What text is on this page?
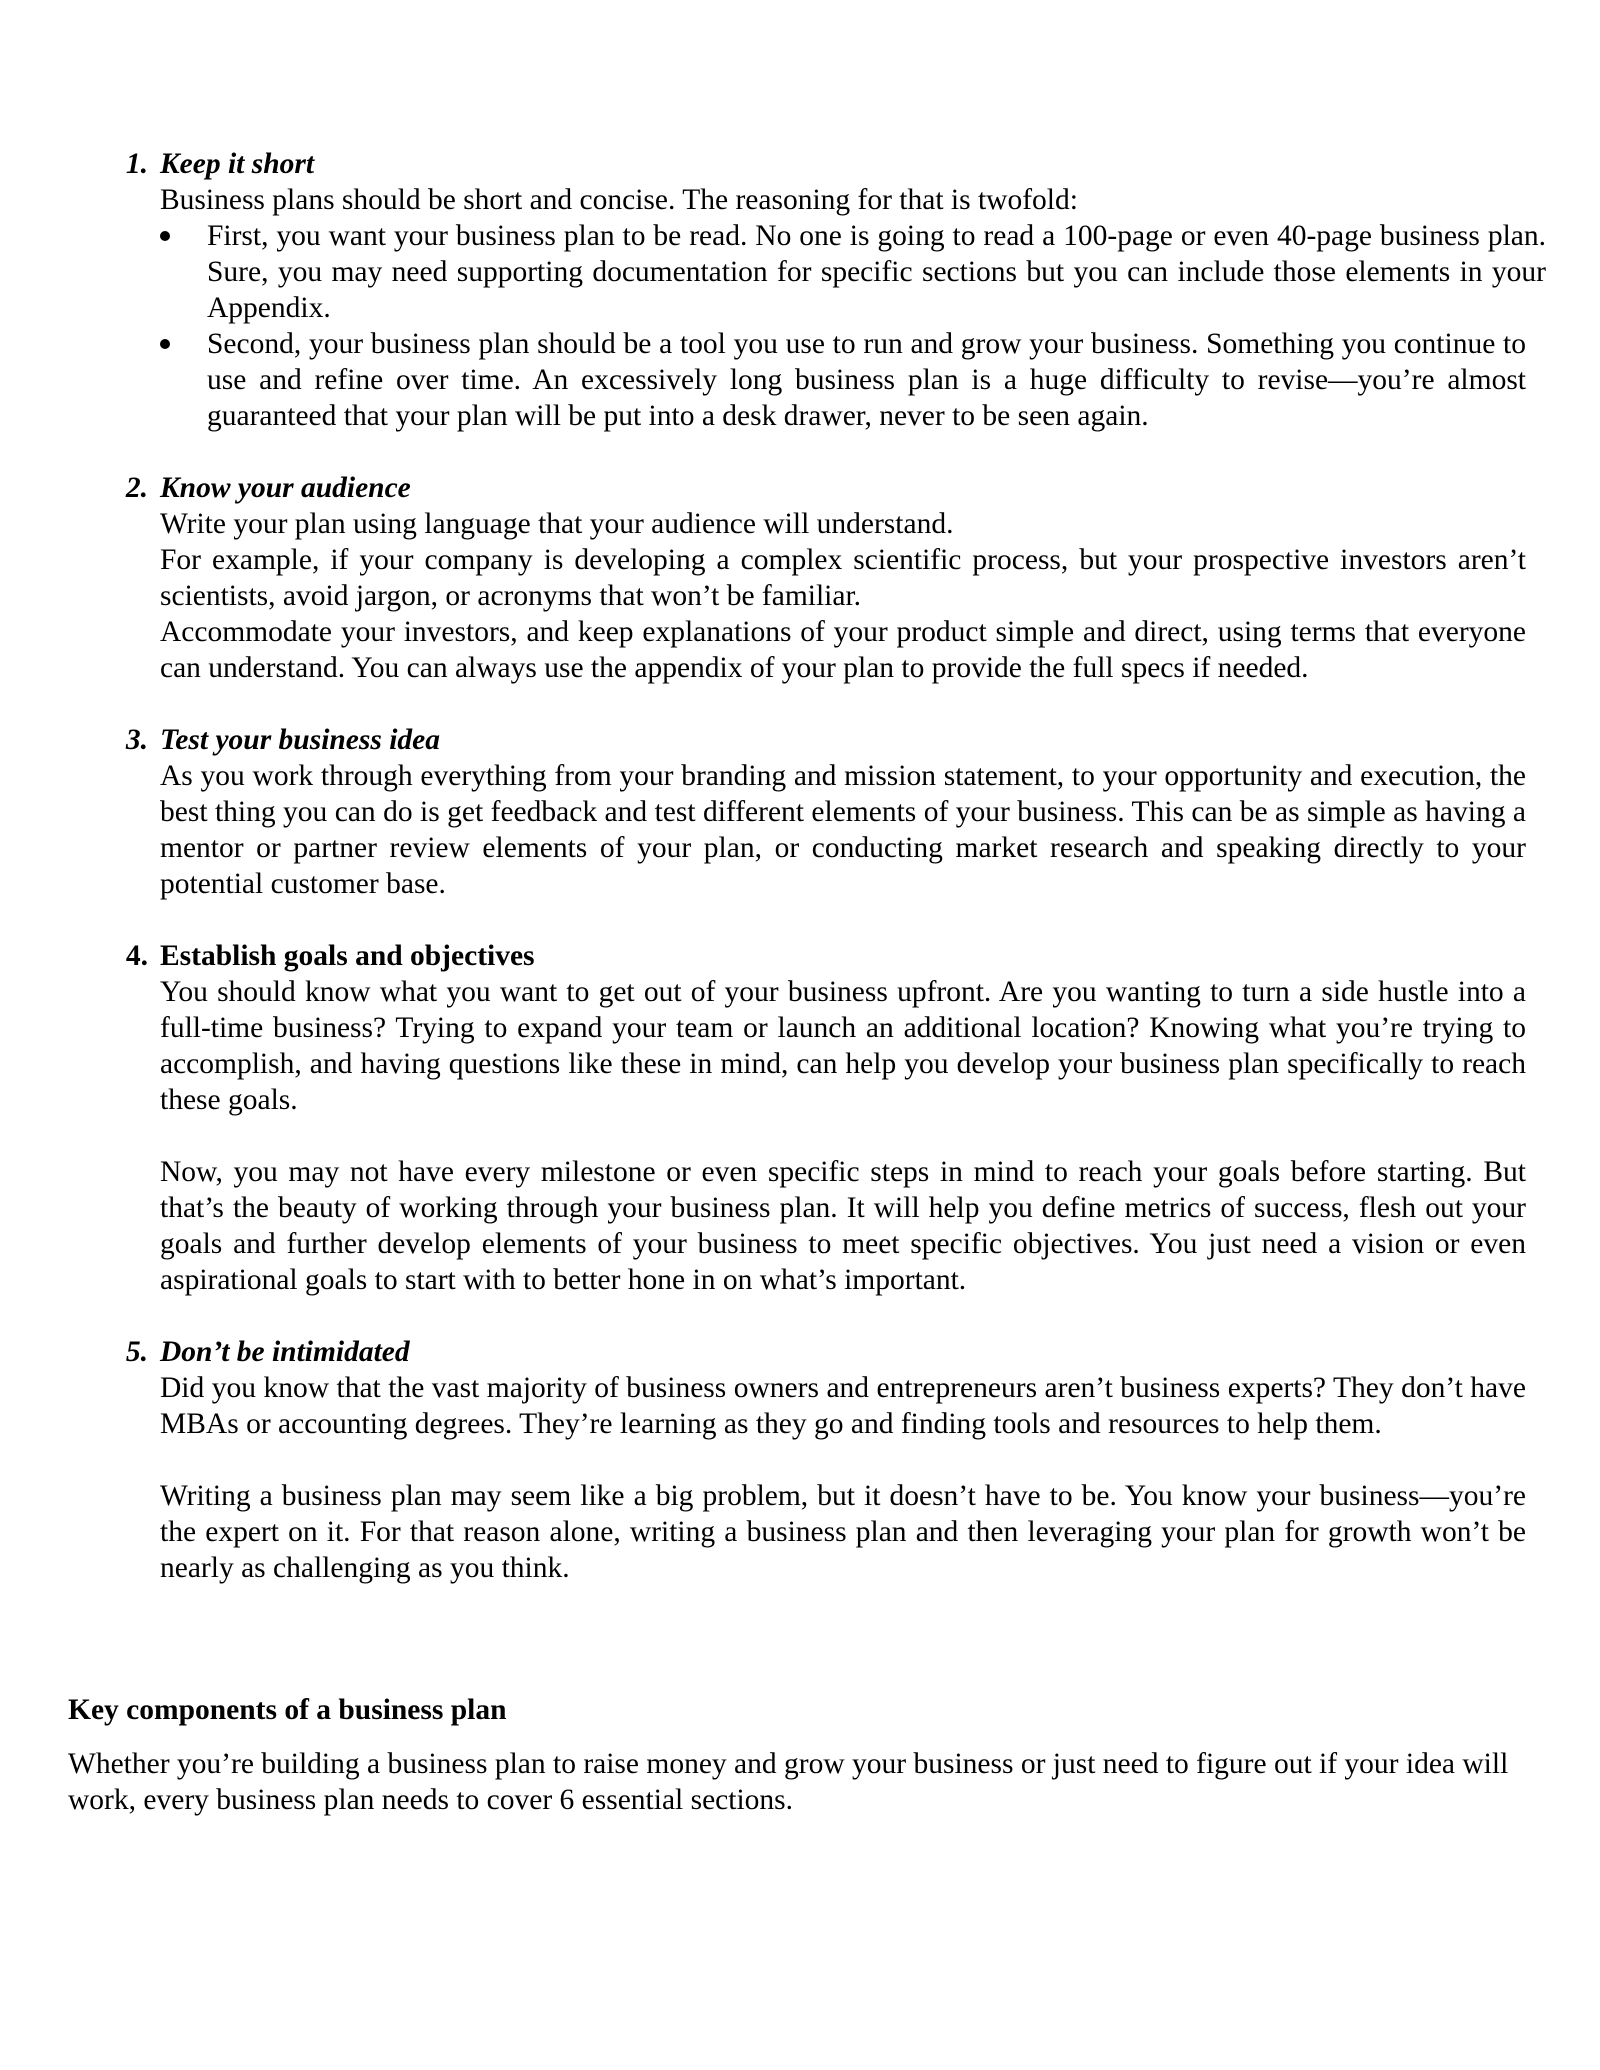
1. Keep it short
Business plans should be short and concise. The reasoning for that is twofold:
First, you want your business plan to be read. No one is going to read a 100-page or even 40-page business plan. Sure, you may need supporting documentation for specific sections but you can include those elements in your Appendix.
Second, your business plan should be a tool you use to run and grow your business. Something you continue to use and refine over time. An excessively long business plan is a huge difficulty to revise—you’re almost guaranteed that your plan will be put into a desk drawer, never to be seen again.
2. Know your audience
Write your plan using language that your audience will understand.
For example, if your company is developing a complex scientific process, but your prospective investors aren’t scientists, avoid jargon, or acronyms that won’t be familiar.
Accommodate your investors, and keep explanations of your product simple and direct, using terms that everyone can understand. You can always use the appendix of your plan to provide the full specs if needed.
3. Test your business idea
As you work through everything from your branding and mission statement, to your opportunity and execution, the best thing you can do is get feedback and test different elements of your business. This can be as simple as having a mentor or partner review elements of your plan, or conducting market research and speaking directly to your potential customer base.
4. Establish goals and objectives
You should know what you want to get out of your business upfront. Are you wanting to turn a side hustle into a full-time business? Trying to expand your team or launch an additional location? Knowing what you’re trying to accomplish, and having questions like these in mind, can help you develop your business plan specifically to reach these goals.
Now, you may not have every milestone or even specific steps in mind to reach your goals before starting. But that’s the beauty of working through your business plan. It will help you define metrics of success, flesh out your goals and further develop elements of your business to meet specific objectives. You just need a vision or even aspirational goals to start with to better hone in on what’s important.
5. Don’t be intimidated
Did you know that the vast majority of business owners and entrepreneurs aren’t business experts? They don’t have MBAs or accounting degrees. They’re learning as they go and finding tools and resources to help them.
Writing a business plan may seem like a big problem, but it doesn’t have to be. You know your business—you’re the expert on it. For that reason alone, writing a business plan and then leveraging your plan for growth won’t be nearly as challenging as you think.
Key components of a business plan
Whether you’re building a business plan to raise money and grow your business or just need to figure out if your idea will work, every business plan needs to cover 6 essential sections.
